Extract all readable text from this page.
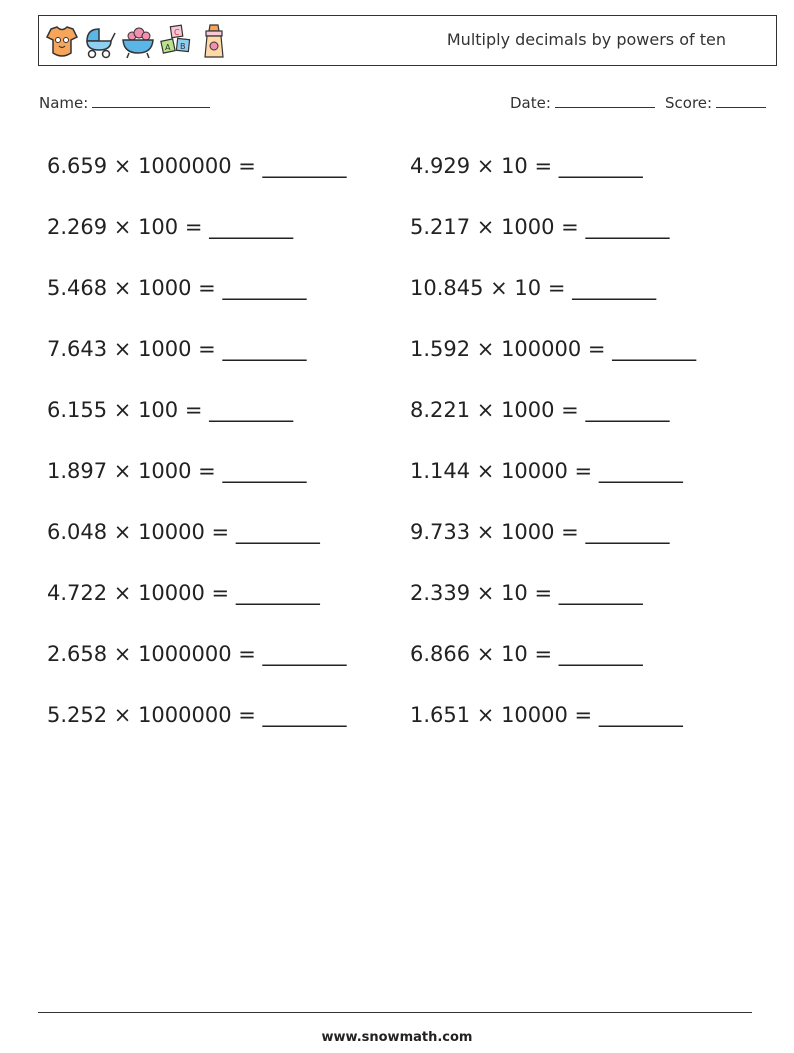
C
A B	Multiply decimals by powers of ten
Name:	Date:	Score:
6.659 × 1000000 = ________	4.929 × 10 = ________
2.269 × 100 = ________	5.217 × 1000 = ________
5.468 × 1000 = ________	10.845 × 10 = ________
7.643 × 1000 = ________	1.592 × 100000 = ________
6.155 × 100 = ________	8.221 × 1000 = ________
1.897 × 1000 = ________	1.144 × 10000 = ________
6.048 × 10000 = ________	9.733 × 1000 = ________
4.722 × 10000 = ________	2.339 × 10 = ________
2.658 × 1000000 = ________	6.866 × 10 = ________
5.252 × 1000000 = ________	1.651 × 10000 = ________
www.snowmath.com
